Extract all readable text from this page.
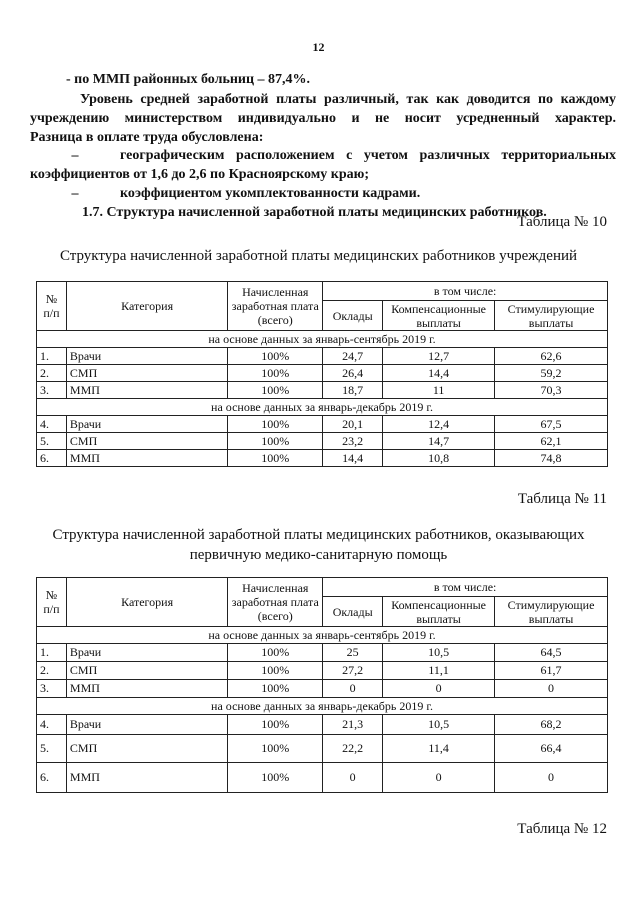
12
- по ММП районных больниц – 87,4%.
Уровень средней заработной платы различный, так как доводится по каждому
учреждению министерством индивидуально и не носит усредненный характер.
Разница в оплате труда обусловлена:
–	географическим расположением с учетом различных территориальных
коэффициентов от 1,6 до 2,6 по Красноярскому краю;
–	коэффициентом укомплектованности кадрами.
1.7. Структура начисленной заработной платы медицинских работников.
Таблица № 10
Структура начисленной заработной платы медицинских работников учреждений
№ п/п	Категория	Начисленная заработная плата (всего)	в том числе:		
			Оклады	Компенсационные выплаты	Стимулирующие выплаты
на основе данных за январь-сентябрь 2019 г.					
1.	Врачи	100%	24,7	12,7	62,6
2.	СМП	100%	26,4	14,4	59,2
3.	ММП	100%	18,7	11	70,3
на основе данных за январь-декабрь 2019 г.					
4.	Врачи	100%	20,1	12,4	67,5
5.	СМП	100%	23,2	14,7	62,1
6.	ММП	100%	14,4	10,8	74,8
Таблица № 11
Структура начисленной заработной платы медицинских работников, оказывающих
первичную медико-санитарную помощь
№ п/п	Категория	Начисленная заработная плата (всего)	в том числе:		
			Оклады	Компенсационные выплаты	Стимулирующие выплаты
на основе данных за январь-сентябрь 2019 г.					
1.	Врачи	100%	25	10,5	64,5
2.	СМП	100%	27,2	11,1	61,7
3.	ММП	100%	0	0	0
на основе данных за январь-декабрь 2019 г.					
4.	Врачи	100%	21,3	10,5	68,2
5.	СМП	100%	22,2	11,4	66,4
6.	ММП	100%	0	0	0
Таблица № 12
